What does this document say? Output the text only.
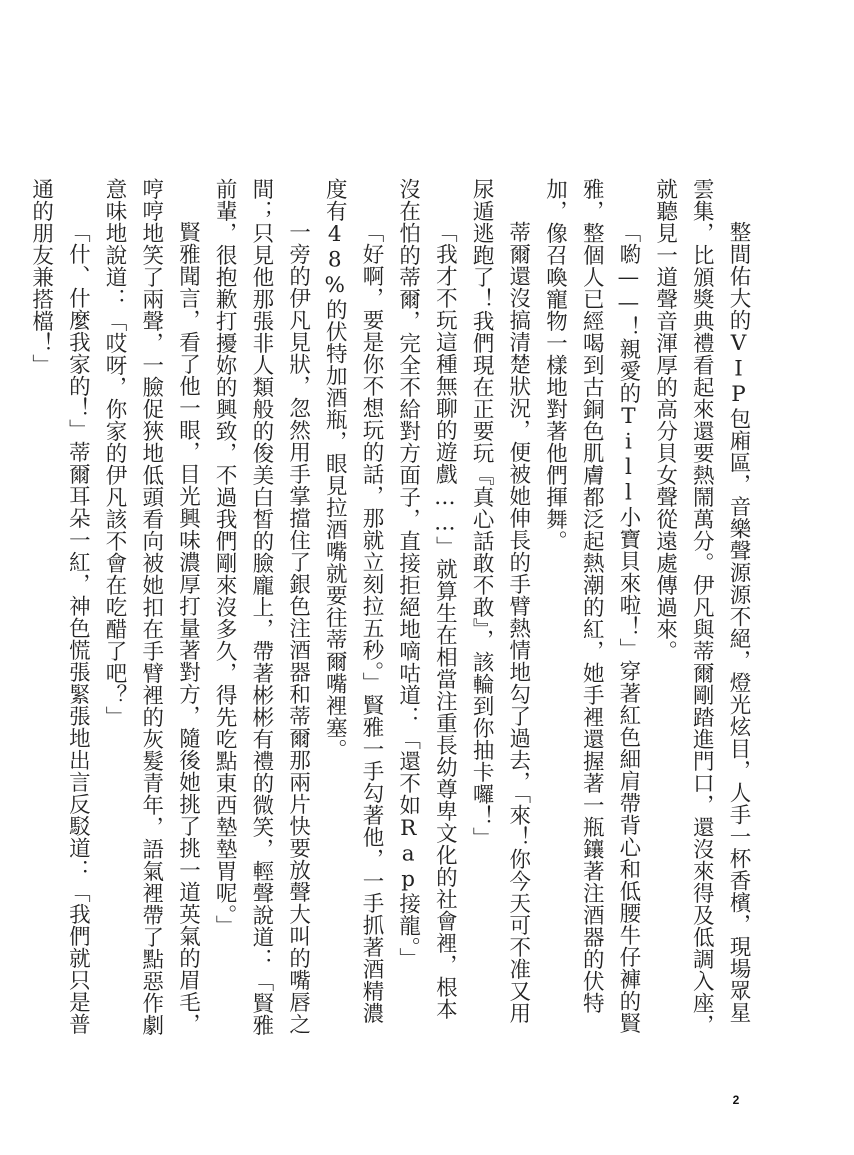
整間佑大的VIP包廂區，音樂聲源源不絕，燈光炫目，人手一杯香檳，現場眾星雲集，比頒獎典禮看起來還要熱鬧萬分。伊凡與蒂爾剛踏進門口，還沒來得及低調入座，就聽見一道聲音渾厚的高分貝女聲從遠處傳過來。

「喲——！親愛的Till小寶貝來啦！」穿著紅色細肩帶背心和低腰牛仔褲的賢雅，整個人已經喝到古銅色肌膚都泛起熱潮的紅，她手裡還握著一瓶鑲著注酒器的伏特加，像召喚寵物一樣地對著他們揮舞。

蒂爾還沒搞清楚狀況，便被她伸長的手臂熱情地勾了過去，「來！你今天可不准又用尿遁逃跑了！我們現在正要玩『真心話敢不敢』，該輪到你抽卡囉！」

「我才不玩這種無聊的遊戲……」就算生在相當注重長幼尊卑文化的社會裡，根本沒在怕的蒂爾，完全不給對方面子，直接拒絕地嘀咕道：「還不如Rap接龍。」

「好啊，要是你不想玩的話，那就立刻拉五秒。」賢雅一手勾著他，一手抓著酒精濃度有48%的伏特加酒瓶，眼見拉酒嘴就要往蒂爾嘴裡塞。

一旁的伊凡見狀，忽然用手掌擋住了銀色注酒器和蒂爾那兩片快要放聲大叫的嘴唇之間；只見他那張非人類般的俊美白皙的臉龐上，帶著彬彬有禮的微笑，輕聲說道：「賢雅前輩，很抱歉打擾妳的興致，不過我們剛來沒多久，得先吃點東西墊墊胃呢。」

賢雅聞言，看了他一眼，目光興味濃厚打量著對方，隨後她挑了挑一道英氣的眉毛，哼哼地笑了兩聲，一臉促狹地低頭看向被她扣在手臂裡的灰髮青年，語氣裡帶了點惡作劇意味地說道：「哎呀，你家的伊凡該不會在吃醋了吧？」

「什、什麼我家的！」蒂爾耳朵一紅，神色慌張緊張地出言反駁道：「我們就只是普通的朋友兼搭檔！」

2
